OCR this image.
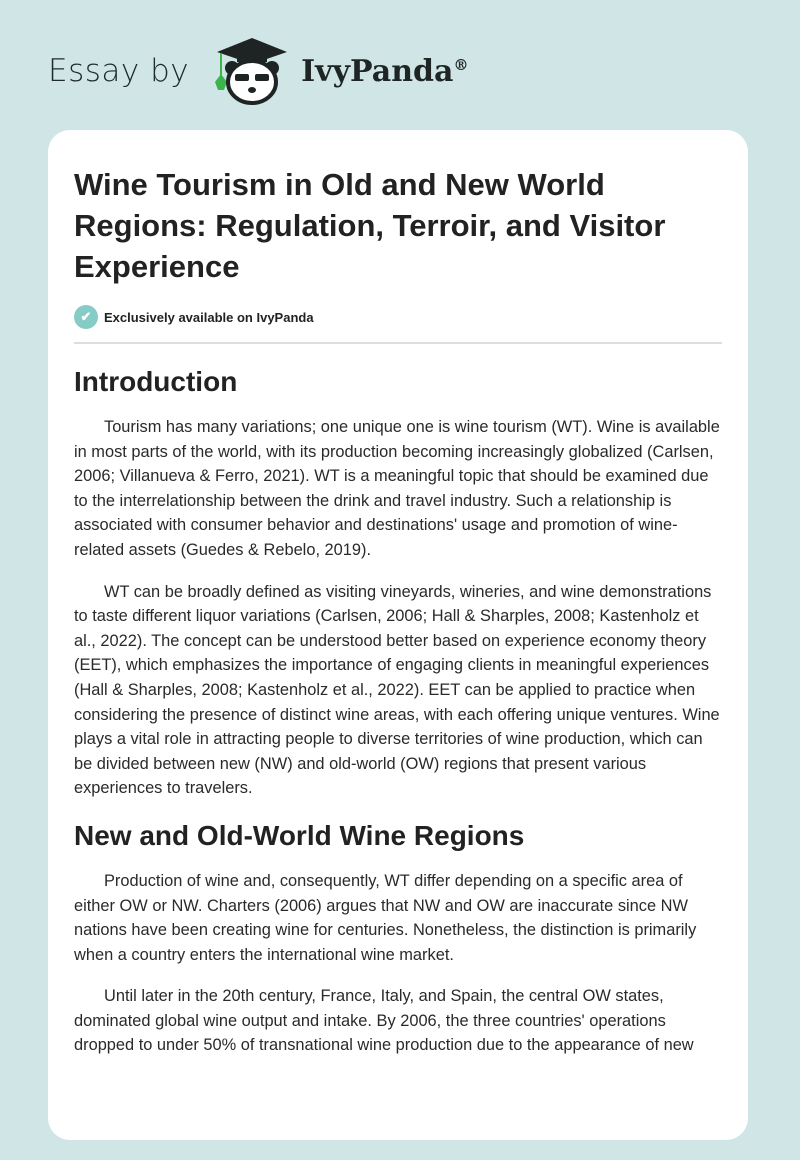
Essay by	IvyPanda®
Wine Tourism in Old and New World Regions: Regulation, Terroir, and Visitor Experience
✔ Exclusively available on IvyPanda
Introduction

Tourism has many variations; one unique one is wine tourism (WT). Wine is available in most parts of the world, with its production becoming increasingly globalized (Carlsen, 2006; Villanueva & Ferro, 2021). WT is a meaningful topic that should be examined due to the interrelationship between the drink and travel industry. Such a relationship is associated with consumer behavior and destinations' usage and promotion of wine-related assets (Guedes & Rebelo, 2019).

WT can be broadly defined as visiting vineyards, wineries, and wine demonstrations to taste different liquor variations (Carlsen, 2006; Hall & Sharples, 2008; Kastenholz et al., 2022). The concept can be understood better based on experience economy theory (EET), which emphasizes the importance of engaging clients in meaningful experiences (Hall & Sharples, 2008; Kastenholz et al., 2022). EET can be applied to practice when considering the presence of distinct wine areas, with each offering unique ventures. Wine plays a vital role in attracting people to diverse territories of wine production, which can be divided between new (NW) and old-world (OW) regions that present various experiences to travelers.

New and Old-World Wine Regions

Production of wine and, consequently, WT differ depending on a specific area of either OW or NW. Charters (2006) argues that NW and OW are inaccurate since NW nations have been creating wine for centuries. Nonetheless, the distinction is primarily when a country enters the international wine market.

Until later in the 20th century, France, Italy, and Spain, the central OW states, dominated global wine output and intake. By 2006, the three countries' operations dropped to under 50% of transnational wine production due to the appearance of new
